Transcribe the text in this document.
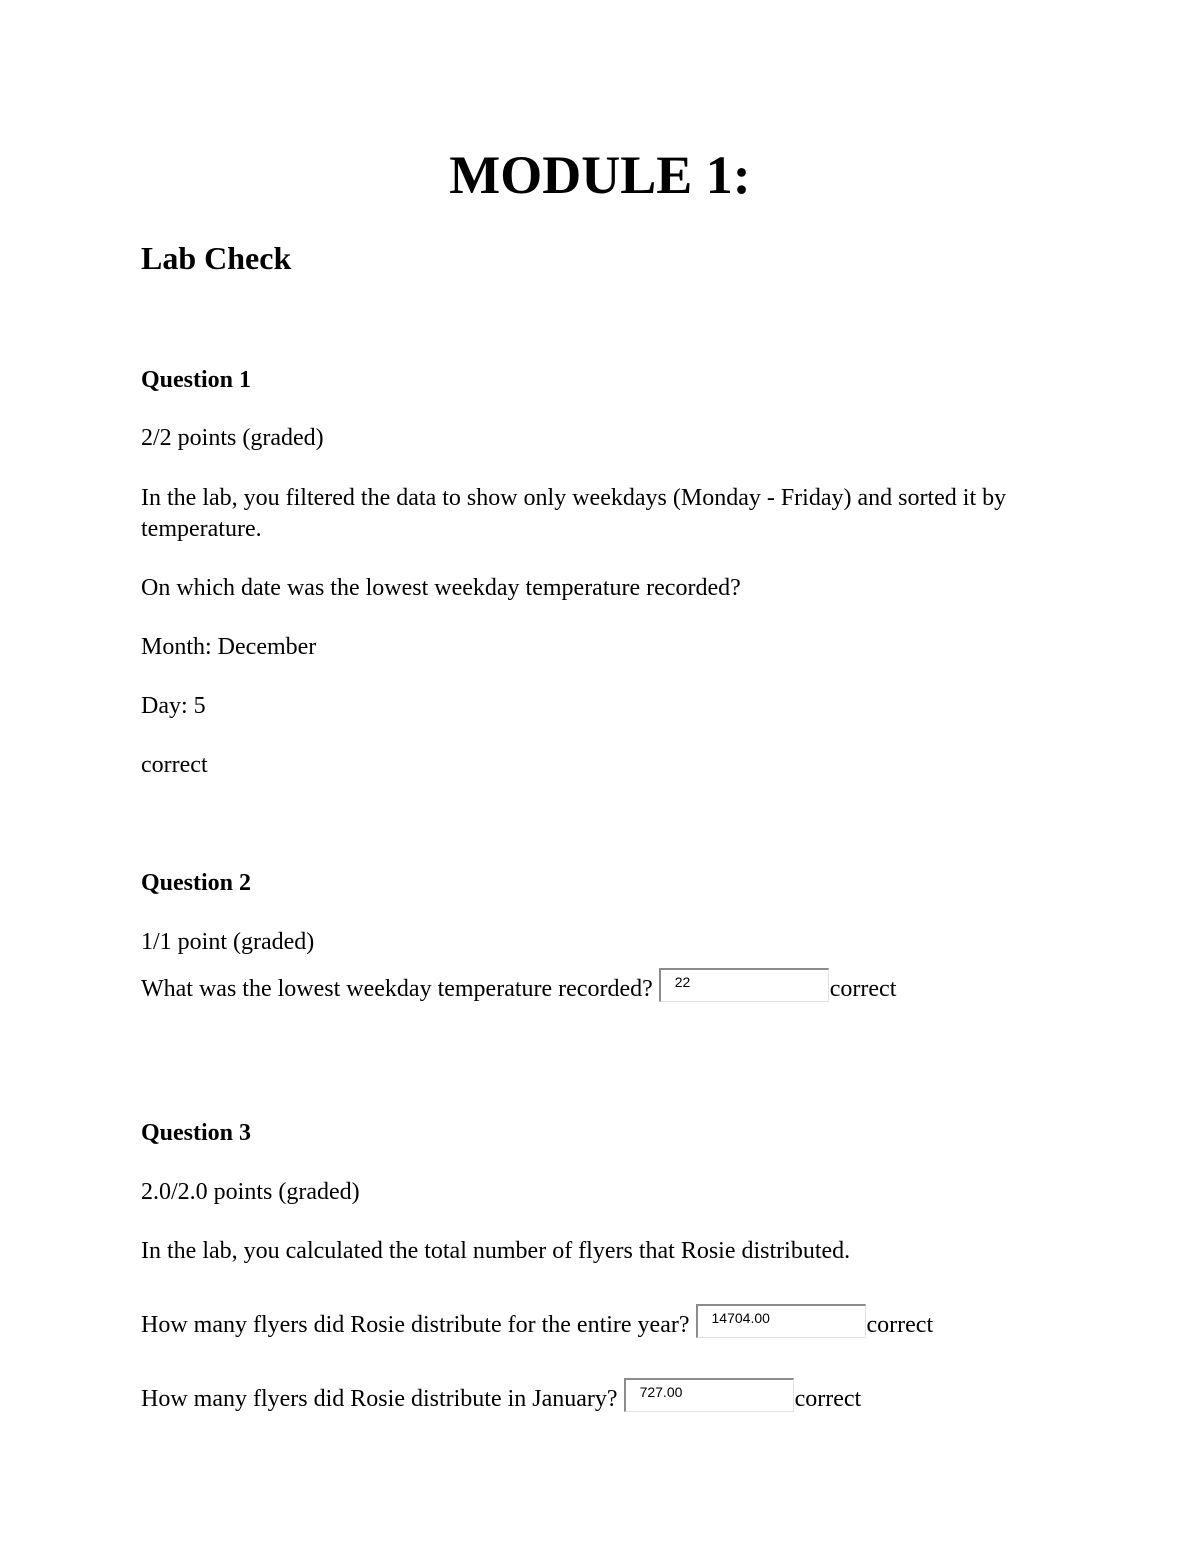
MODULE 1:
Lab Check
Question 1

2/2 points (graded)

In the lab, you filtered the data to show only weekdays (Monday - Friday) and sorted it by temperature.

On which date was the lowest weekday temperature recorded?

Month: December

Day: 5

correct

Question 2

1/1 point (graded)

What was the lowest weekday temperature recorded? 22	correct

Question 3

2.0/2.0 points (graded)

In the lab, you calculated the total number of flyers that Rosie distributed.

How many flyers did Rosie distribute for the entire year? 14704.00	correct

How many flyers did Rosie distribute in January? 727.00	correct
